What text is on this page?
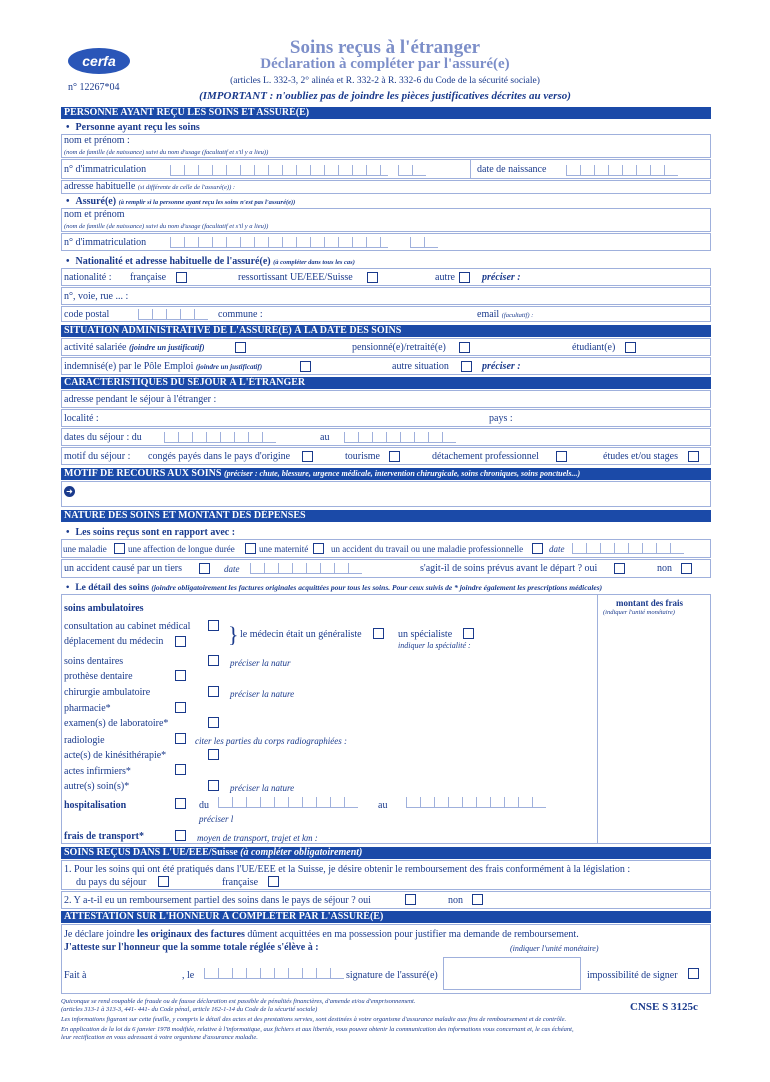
cerfa
n° 12267*04
Soins reçus à l'étranger
Déclaration à compléter par l'assuré(e)
(articles L. 332-3, 2° alinéa et R. 332-2 à R. 332-6 du Code de la sécurité sociale)
(IMPORTANT : n'oubliez pas de joindre les pièces justificatives décrites au verso)
PERSONNE AYANT REÇU LES SOINS ET ASSURÉ(E)
• Personne ayant reçu les soins
nom et prénom :
(nom de famille (de naissance) suivi du nom d'usage (facultatif et s'il y a lieu))
n° d'immatriculation	date de naissance
adresse habituelle (si différente de celle de l'assuré(e)) :
• Assuré(e) (à remplir si la personne ayant reçu les soins n'est pas l'assuré(e))
nom et prénom
(nom de famille (de naissance) suivi du nom d'usage (facultatif et s'il y a lieu))
n° d'immatriculation
• Nationalité et adresse habituelle de l'assuré(e) (à compléter dans tous les cas)
nationalité : française	ressortissant UE/EEE/Suisse	autre	préciser :
n°, voie, rue ... :
code postal	commune :	email (facultatif) :
SITUATION ADMINISTRATIVE DE L'ASSURÉ(E) À LA DATE DES SOINS
activité salariée (joindre un justificatif)	pensionné(e)/retraité(e)	étudiant(e)
indemnisé(e) par le Pôle Emploi (joindre un justificatif)	autre situation	préciser :
CARACTÉRISTIQUES DU SÉJOUR À L'ÉTRANGER
adresse pendant le séjour à l'étranger :
localité :	pays :
dates du séjour : du	au
motif du séjour : congés payés dans le pays d'origine	tourisme	détachement professionnel	études et/ou stages
MOTIF DE RECOURS AUX SOINS (préciser : chute, blessure, urgence médicale, intervention chirurgicale, soins chroniques, soins ponctuels...)
➜
NATURE DES SOINS ET MONTANT DES DÉPENSES
• Les soins reçus sont en rapport avec :
une maladie une affection de longue durée	une maternité	un accident du travail ou une maladie professionnelle	date
un accident causé par un tiers	date	s'agit-il de soins prévus avant le départ ? oui	non
• Le détail des soins (joindre obligatoirement les factures originales acquittées pour tous les soins. Pour ceux suivis de * joindre également les prescriptions médicales)
soins ambulatoires	montant des frais
(indiquer l'unité monétaire)
consultation au cabinet médical
déplacement du médecin	} le médecin était un généraliste	un spécialiste
indiquer la spécialité :
soins dentaires	préciser la natur
prothèse dentaire
chirurgie ambulatoire	préciser la nature
pharmacie*
examen(s) de laboratoire*
radiologie	citer les parties du corps radiographiées :
acte(s) de kinésithérapie*
actes infirmiers*
autre(s) soin(s)*	préciser la nature
hospitalisation	du	au
préciser l
frais de transport*	moyen de transport, trajet et km :
SOINS REÇUS DANS L'UE/EEE/Suisse (à compléter obligatoirement)
1. Pour les soins qui ont été pratiqués dans l'UE/EEE et la Suisse, je désire obtenir le remboursement des frais conformément à la législation :
du pays du séjour	française
2. Y a-t-il eu un remboursement partiel des soins dans le pays de séjour ? oui	non
ATTESTATION SUR L'HONNEUR À COMPLÉTER PAR L'ASSURÉ(E)
Je déclare joindre les originaux des factures dûment acquittées en ma possession pour justifier ma demande de remboursement.
J'atteste sur l'honneur que la somme totale réglée s'élève à :	(indiquer l'unité monétaire)
Fait à	, le	signature de l'assuré(e)	impossibilité de signer
Quiconque se rend coupable de fraude ou de fausse déclaration est passible de pénalités financières, d'amende et/ou d'emprisonnement.
(articles 313-1 à 313-3, 441- 441- du Code pénal, article 162-1-14 du Code de la sécurité sociale)
Les informations figurant sur cette feuille, y compris le détail des actes et des prestations servies, sont destinées à votre organisme d'assurance maladie aux fins de remboursement et de contrôle.
En application de la loi du 6 janvier 1978 modifiée, relative à l'informatique, aux fichiers et aux libertés, vous pouvez obtenir la communication des informations vous concernant et, le cas échéant,
leur rectification en vous adressant à votre organisme d'assurance maladie.
CNSE S 3125c
